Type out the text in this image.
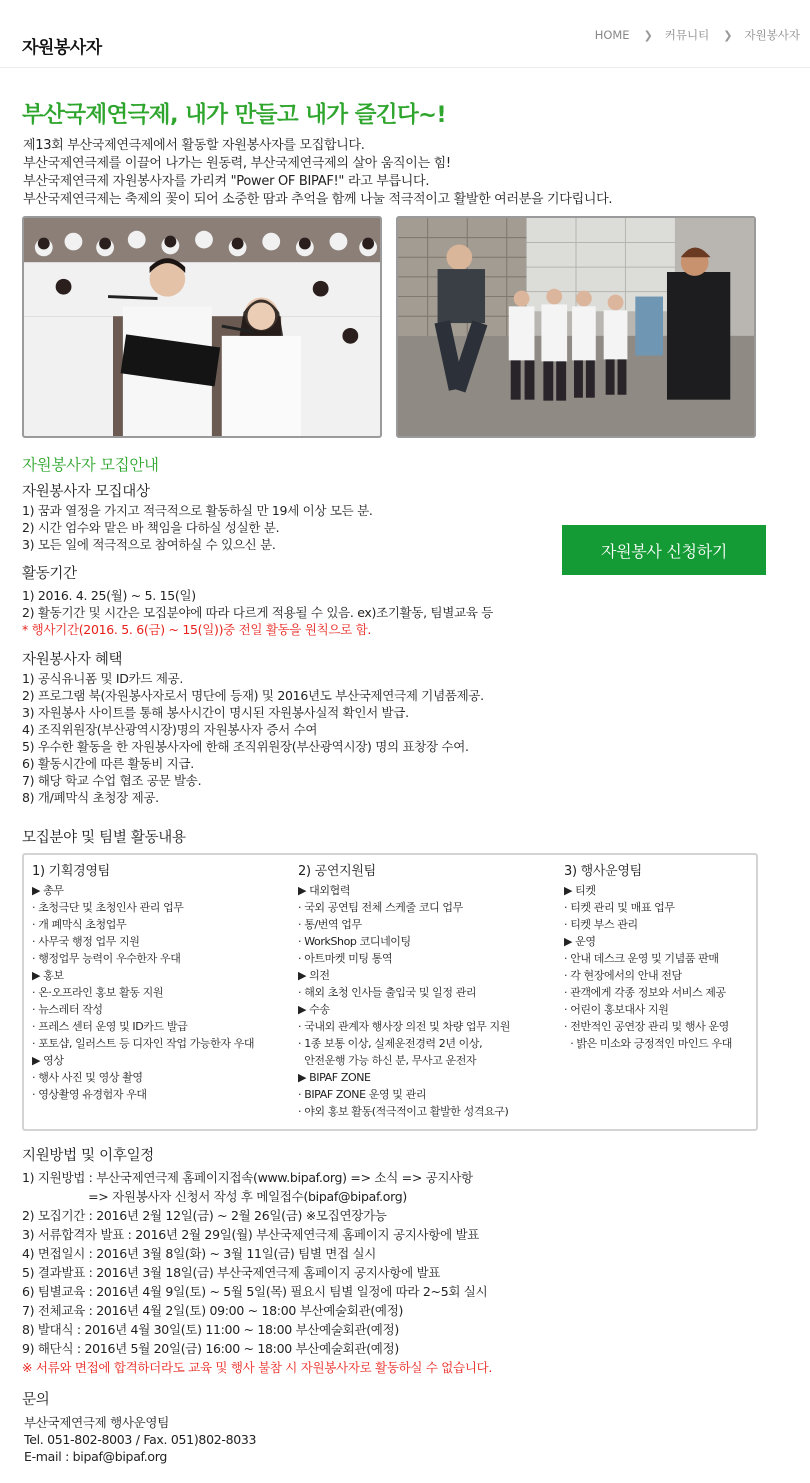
자원봉사자
HOME ❯ 커뮤니티 ❯ 자원봉사자
부산국제연극제, 내가 만들고 내가 즐긴다~!
제13회 부산국제연극제에서 활동할 자원봉사자를 모집합니다.
부산국제연극제를 이끌어 나가는 원동력, 부산국제연극제의 살아 움직이는 힘!
부산국제연극제 자원봉사자를 가리켜 "Power OF BIPAF!" 라고 부릅니다.
부산국제연극제는 축제의 꽃이 되어 소중한 땀과 추억을 함께 나눌 적극적이고 활발한 여러분을 기다립니다.
자원봉사자 모집안내
자원봉사자 모집대상
1) 꿈과 열정을 가지고 적극적으로 활동하실 만 19세 이상 모든 분.
2) 시간 엄수와 맡은 바 책임을 다하실 성실한 분.
3) 모든 일에 적극적으로 참여하실 수 있으신 분.	자원봉사 신청하기
활동기간
1) 2016. 4. 25(월) ~ 5. 15(일)
2) 활동기간 및 시간은 모집분야에 따라 다르게 적용될 수 있음. ex)조기활동, 팀별교육 등
* 행사기간(2016. 5. 6(금) ~ 15(일))중 전일 활동을 원칙으로 함.
자원봉사자 혜택
1) 공식유니폼 및 ID카드 제공.
2) 프로그램 북(자원봉사자로서 명단에 등재) 및 2016년도 부산국제연극제 기념품제공.
3) 자원봉사 사이트를 통해 봉사시간이 명시된 자원봉사실적 확인서 발급.
4) 조직위원장(부산광역시장)명의 자원봉사자 증서 수여
5) 우수한 활동을 한 자원봉사자에 한해 조직위원장(부산광역시장) 명의 표창장 수여.
6) 활동시간에 따른 활동비 지급.
7) 해당 학교 수업 협조 공문 발송.
8) 개/폐막식 초청장 제공.
모집분야 및 팀별 활동내용
1) 기획경영팀
▶ 총무
· 초청극단 및 초청인사 관리 업무
· 개 폐막식 초청업무
· 사무국 행정 업무 지원
· 행정업무 능력이 우수한자 우대
▶ 홍보
· 온·오프라인 홍보 활동 지원
· 뉴스레터 작성
· 프레스 센터 운영 및 ID카드 발급
· 포토샵, 일러스트 등 디자인 작업 가능한자 우대
▶ 영상
· 행사 사진 및 영상 촬영
· 영상촬영 유경험자 우대
2) 공연지원팀
▶ 대외협력
· 국외 공연팀 전체 스케줄 코디 업무
· 통/번역 업무
· WorkShop 코디네이팅
· 아트마켓 미팅 통역
▶ 의전
· 해외 초청 인사들 출입국 및 일정 관리
▶ 수송
· 국내외 관계자 행사장 의전 및 차량 업무 지원
· 1종 보통 이상, 실제운전경력 2년 이상,
안전운행 가능 하신 분, 무사고 운전자
▶ BIPAF ZONE
· BIPAF ZONE 운영 및 관리
· 야외 홍보 활동(적극적이고 활발한 성격요구)
3) 행사운영팀
▶ 티켓
· 티켓 관리 및 매표 업무
· 티켓 부스 관리
▶ 운영
· 안내 데스크 운영 및 기념품 판매
· 각 현장에서의 안내 전담
· 관객에게 각종 정보와 서비스 제공
· 어린이 홍보대사 지원
· 전반적인 공연장 관리 및 행사 운영
· 밝은 미소와 긍정적인 마인드 우대
지원방법 및 이후일정
1) 지원방법 : 부산국제연극제 홈페이지접속(www.bipaf.org) => 소식 => 공지사항
=> 자원봉사자 신청서 작성 후 메일접수(bipaf@bipaf.org)
2) 모집기간 : 2016년 2월 12일(금) ~ 2월 26일(금) ※모집연장가능
3) 서류합격자 발표 : 2016년 2월 29일(월) 부산국제연극제 홈페이지 공지사항에 발표
4) 면접일시 : 2016년 3월 8일(화) ~ 3월 11일(금) 팀별 면접 실시
5) 결과발표 : 2016년 3월 18일(금) 부산국제연극제 홈페이지 공지사항에 발표
6) 팀별교육 : 2016년 4월 9일(토) ~ 5월 5일(목) 필요시 팀별 일정에 따라 2~5회 실시
7) 전체교육 : 2016년 4월 2일(토) 09:00 ~ 18:00 부산예술회관(예정)
8) 발대식 : 2016년 4월 30일(토) 11:00 ~ 18:00 부산예술회관(예정)
9) 해단식 : 2016년 5월 20일(금) 16:00 ~ 18:00 부산예술회관(예정)
※ 서류와 면접에 합격하더라도 교육 및 행사 불참 시 자원봉사자로 활동하실 수 없습니다.
문의
부산국제연극제 행사운영팀
Tel. 051-802-8003 / Fax. 051)802-8033
E-mail : bipaf@bipaf.org
